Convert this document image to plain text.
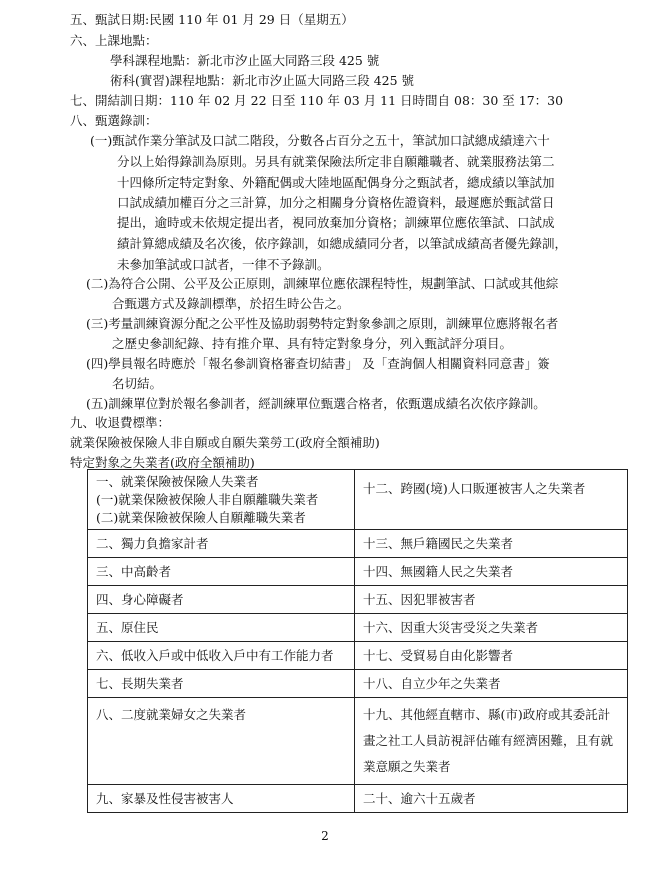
五、甄試日期:民國 110 年 01 月 29 日（星期五）
六、上課地點：
學科課程地點：新北市汐止區大同路三段 425 號
術科(實習)課程地點：新北市汐止區大同路三段 425 號
七、開結訓日期：110 年 02 月 22 日至 110 年 03 月 11 日時間自 08：30 至 17：30
八、甄選錄訓：
(一)甄試作業分筆試及口試二階段，分數各占百分之五十，筆試加口試總成績達六十
分以上始得錄訓為原則。另具有就業保險法所定非自願離職者、就業服務法第二
十四條所定特定對象、外籍配偶或大陸地區配偶身分之甄試者，總成績以筆試加
口試成績加權百分之三計算，加分之相關身分資格佐證資料，最遲應於甄試當日
提出，逾時或未依規定提出者，視同放棄加分資格；訓練單位應依筆試、口試成
績計算總成績及名次後，依序錄訓，如總成績同分者，以筆試成績高者優先錄訓，
未參加筆試或口試者，一律不予錄訓。
(二)為符合公開、公平及公正原則，訓練單位應依課程特性，規劃筆試、口試或其他綜
合甄選方式及錄訓標準，於招生時公告之。
(三)考量訓練資源分配之公平性及協助弱勢特定對象參訓之原則，訓練單位應將報名者
之歷史參訓紀錄、持有推介單、具有特定對象身分，列入甄試評分項目。
(四)學員報名時應於「報名參訓資格審查切結書」 及「查詢個人相關資料同意書」簽
名切結。
(五)訓練單位對於報名參訓者，經訓練單位甄選合格者，依甄選成績名次依序錄訓。
九、收退費標準：
就業保險被保險人非自願或自願失業勞工(政府全額補助)
特定對象之失業者(政府全額補助)
一、就業保險被保險人失業者
(一)就業保險被保險人非自願離職失業者
(二)就業保險被保險人自願離職失業者	十二、跨國(境)人口販運被害人之失業者
二、獨力負擔家計者	十三、無戶籍國民之失業者
三、中高齡者	十四、無國籍人民之失業者
四、身心障礙者	十五、因犯罪被害者
五、原住民	十六、因重大災害受災之失業者
六、低收入戶或中低收入戶中有工作能力者	十七、受貿易自由化影響者
七、長期失業者	十八、自立少年之失業者
八、二度就業婦女之失業者	十九、其他經直轄市、縣(市)政府或其委託計
畫之社工人員訪視評估確有經濟困難，且有就
業意願之失業者

九、家暴及性侵害被害人	二十、逾六十五歲者
2
